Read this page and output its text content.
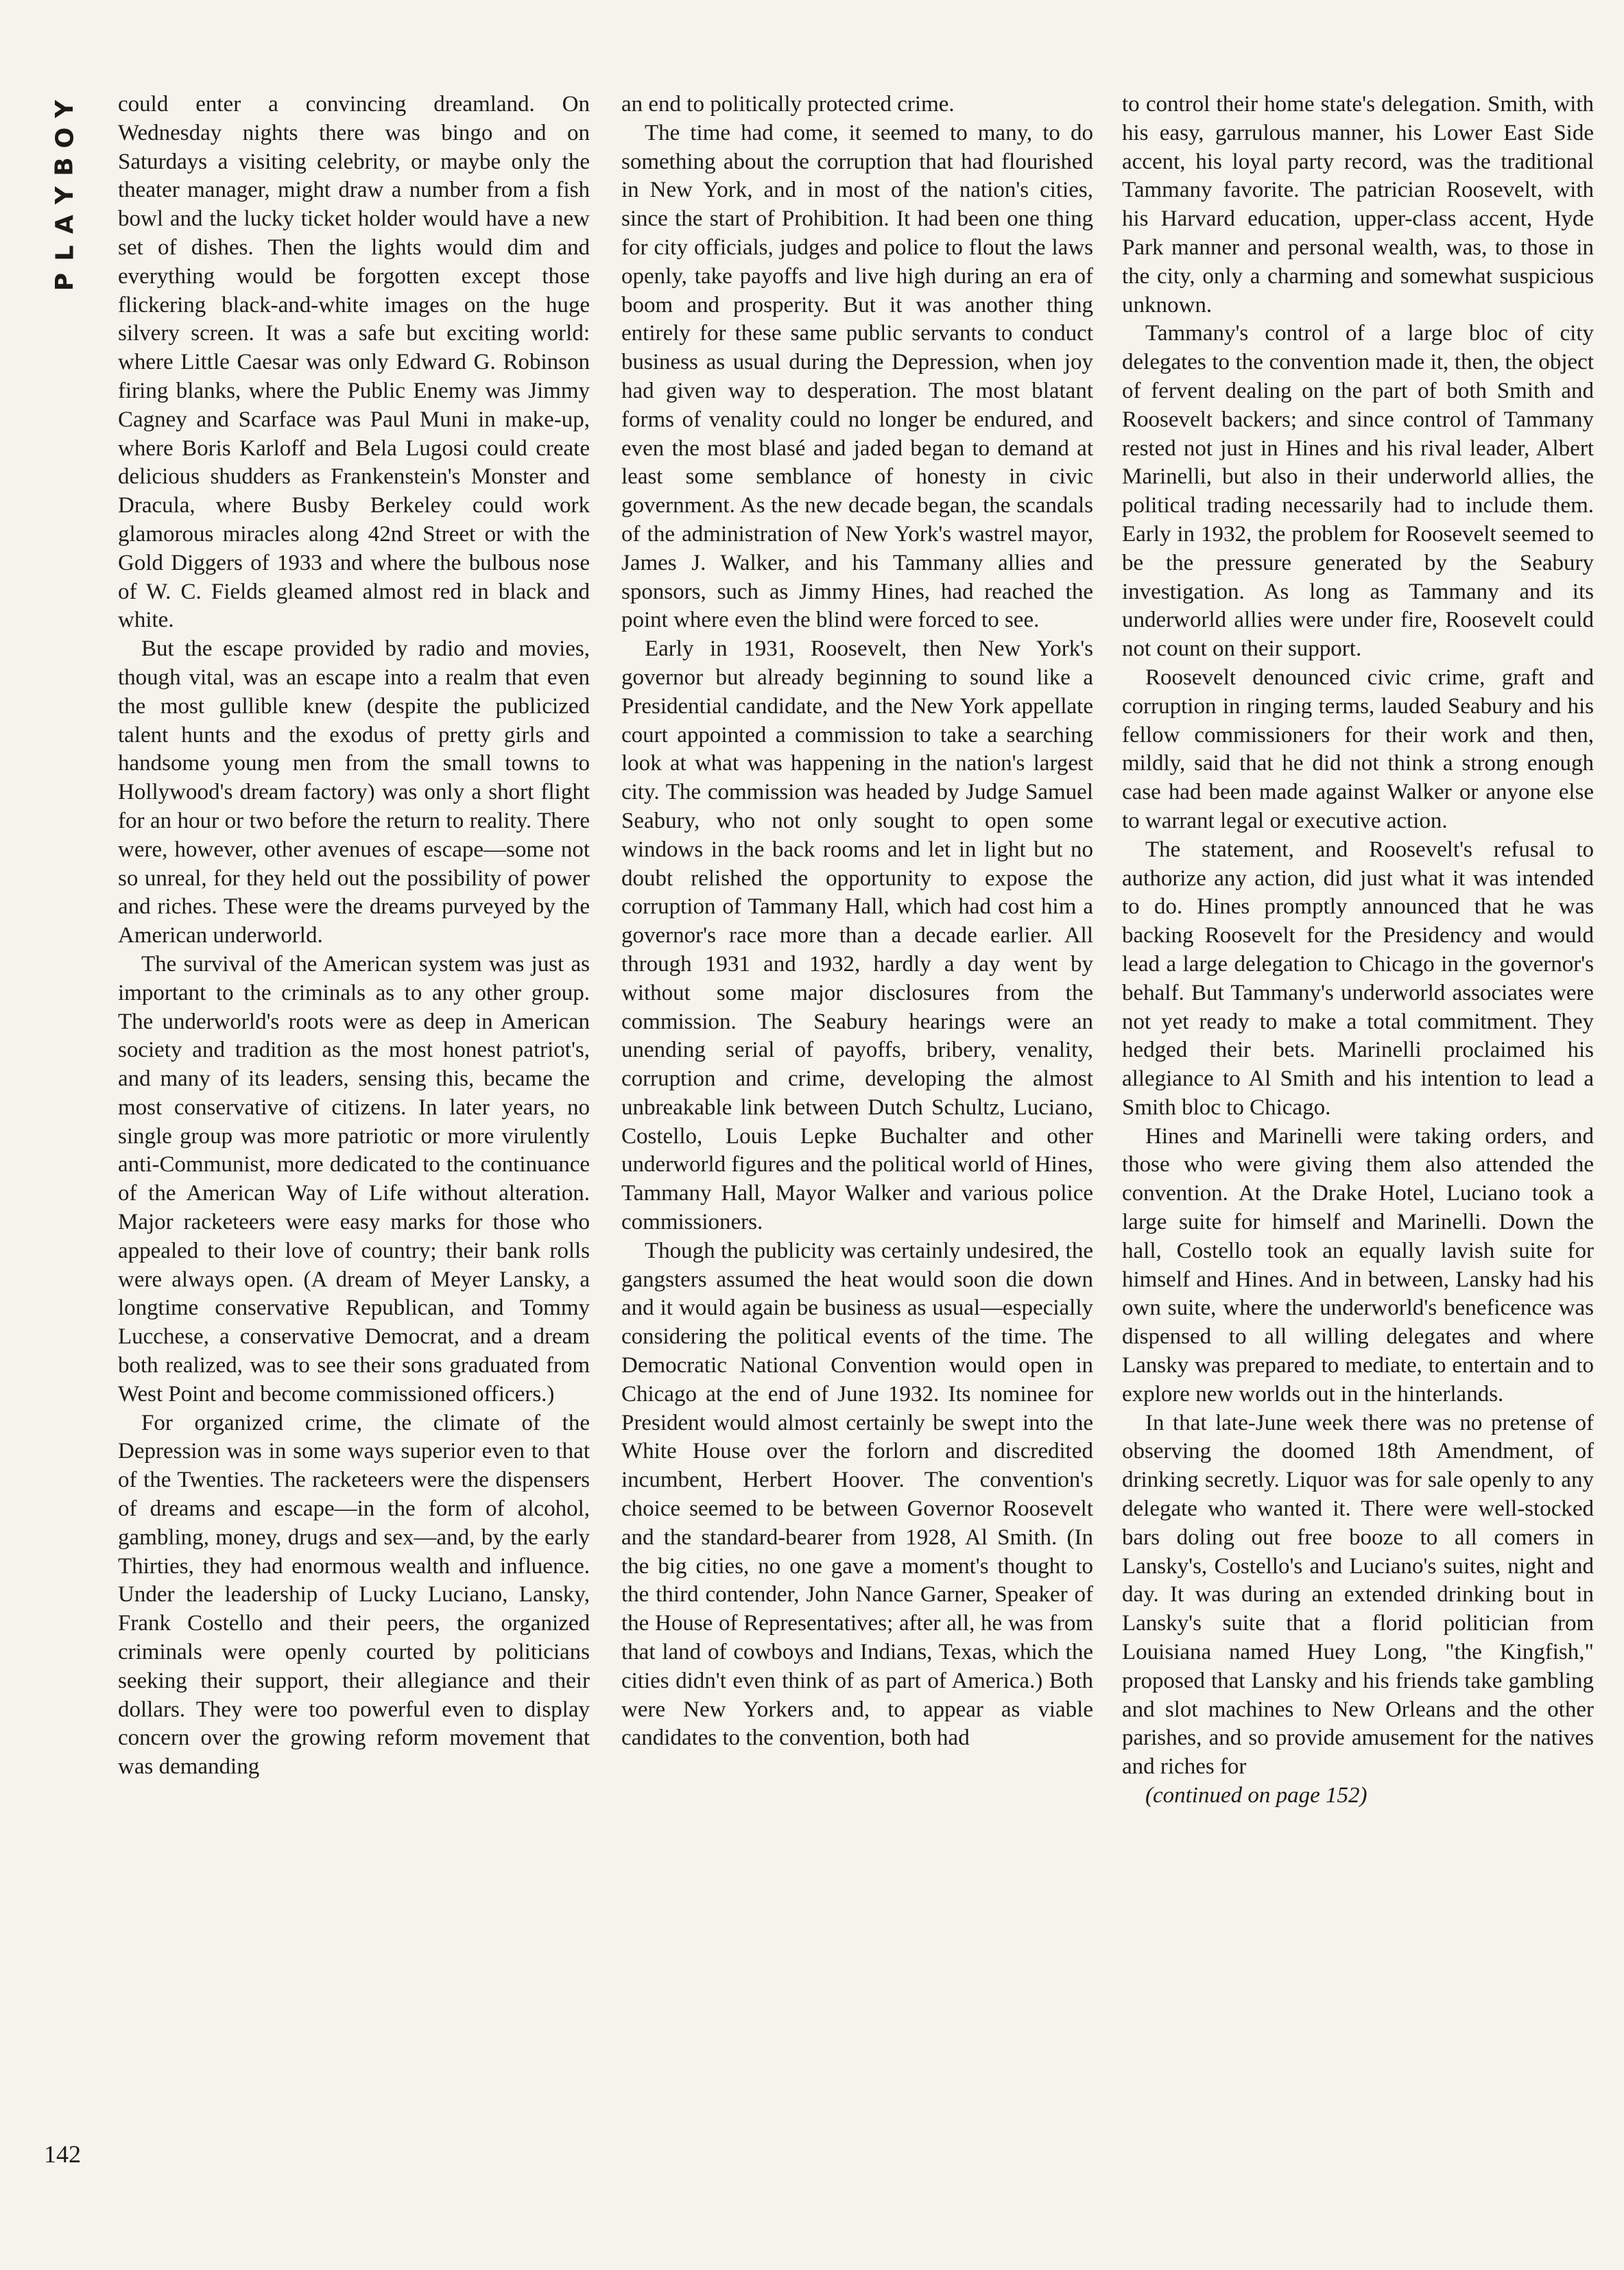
Y
O
B
Y
A
L
P
142

could enter a convincing dreamland. On Wednesday nights there was bingo and on Saturdays a visiting celebrity, or maybe only the theater manager, might draw a number from a fish bowl and the lucky ticket holder would have a new set of dishes. Then the lights would dim and everything would be forgotten except those flickering black-and-white images on the huge silvery screen. It was a safe but exciting world: where Little Caesar was only Edward G. Robinson firing blanks, where the Public Enemy was Jimmy Cagney and Scarface was Paul Muni in make-up, where Boris Karloff and Bela Lugosi could create delicious shudders as Frankenstein's Monster and Dracula, where Busby Berkeley could work glamorous miracles along 42nd Street or with the Gold Diggers of 1933 and where the bulbous nose of W. C. Fields gleamed almost red in black and white.

But the escape provided by radio and movies, though vital, was an escape into a realm that even the most gullible knew (despite the publicized talent hunts and the exodus of pretty girls and handsome young men from the small towns to Hollywood's dream factory) was only a short flight for an hour or two before the return to reality. There were, however, other avenues of escape—some not so unreal, for they held out the possibility of power and riches. These were the dreams purveyed by the American underworld.

The survival of the American system was just as important to the criminals as to any other group. The underworld's roots were as deep in American society and tradition as the most honest patriot's, and many of its leaders, sensing this, became the most conservative of citizens. In later years, no single group was more patriotic or more virulently anti-Communist, more dedicated to the continuance of the American Way of Life without alteration. Major racketeers were easy marks for those who appealed to their love of country; their bank rolls were always open. (A dream of Meyer Lansky, a longtime conservative Republican, and Tommy Lucchese, a conservative Democrat, and a dream both realized, was to see their sons graduated from West Point and become commissioned officers.)

For organized crime, the climate of the Depression was in some ways superior even to that of the Twenties. The racketeers were the dispensers of dreams and escape—in the form of alcohol, gambling, money, drugs and sex—and, by the early Thirties, they had enormous wealth and influence. Under the leadership of Lucky Luciano, Lansky, Frank Costello and their peers, the organized criminals were openly courted by politicians seeking their support, their allegiance and their dollars. They were too powerful even to display concern over the growing reform movement that was demanding

an end to politically protected crime.

The time had come, it seemed to many, to do something about the corruption that had flourished in New York, and in most of the nation's cities, since the start of Prohibition. It had been one thing for city officials, judges and police to flout the laws openly, take payoffs and live high during an era of boom and prosperity. But it was another thing entirely for these same public servants to conduct business as usual during the Depression, when joy had given way to desperation. The most blatant forms of venality could no longer be endured, and even the most blasé and jaded began to demand at least some semblance of honesty in civic government. As the new decade began, the scandals of the administration of New York's wastrel mayor, James J. Walker, and his Tammany allies and sponsors, such as Jimmy Hines, had reached the point where even the blind were forced to see.

Early in 1931, Roosevelt, then New York's governor but already beginning to sound like a Presidential candidate, and the New York appellate court appointed a commission to take a searching look at what was happening in the nation's largest city. The commission was headed by Judge Samuel Seabury, who not only sought to open some windows in the back rooms and let in light but no doubt relished the opportunity to expose the corruption of Tammany Hall, which had cost him a governor's race more than a decade earlier. All through 1931 and 1932, hardly a day went by without some major disclosures from the commission. The Seabury hearings were an unending serial of payoffs, bribery, venality, corruption and crime, developing the almost unbreakable link between Dutch Schultz, Luciano, Costello, Louis Lepke Buchalter and other underworld figures and the political world of Hines, Tammany Hall, Mayor Walker and various police commissioners.

Though the publicity was certainly undesired, the gangsters assumed the heat would soon die down and it would again be business as usual—especially considering the political events of the time. The Democratic National Convention would open in Chicago at the end of June 1932. Its nominee for President would almost certainly be swept into the White House over the forlorn and discredited incumbent, Herbert Hoover. The convention's choice seemed to be between Governor Roosevelt and the standard-bearer from 1928, Al Smith. (In the big cities, no one gave a moment's thought to the third contender, John Nance Garner, Speaker of the House of Representatives; after all, he was from that land of cowboys and Indians, Texas, which the cities didn't even think of as part of America.) Both were New Yorkers and, to appear as viable candidates to the convention, both had

to control their home state's delegation. Smith, with his easy, garrulous manner, his Lower East Side accent, his loyal party record, was the traditional Tammany favorite. The patrician Roosevelt, with his Harvard education, upper-class accent, Hyde Park manner and personal wealth, was, to those in the city, only a charming and somewhat suspicious unknown.

Tammany's control of a large bloc of city delegates to the convention made it, then, the object of fervent dealing on the part of both Smith and Roosevelt backers; and since control of Tammany rested not just in Hines and his rival leader, Albert Marinelli, but also in their underworld allies, the political trading necessarily had to include them. Early in 1932, the problem for Roosevelt seemed to be the pressure generated by the Seabury investigation. As long as Tammany and its underworld allies were under fire, Roosevelt could not count on their support.

Roosevelt denounced civic crime, graft and corruption in ringing terms, lauded Seabury and his fellow commissioners for their work and then, mildly, said that he did not think a strong enough case had been made against Walker or anyone else to warrant legal or executive action.

The statement, and Roosevelt's refusal to authorize any action, did just what it was intended to do. Hines promptly announced that he was backing Roosevelt for the Presidency and would lead a large delegation to Chicago in the governor's behalf. But Tammany's underworld associates were not yet ready to make a total commitment. They hedged their bets. Marinelli proclaimed his allegiance to Al Smith and his intention to lead a Smith bloc to Chicago.

Hines and Marinelli were taking orders, and those who were giving them also attended the convention. At the Drake Hotel, Luciano took a large suite for himself and Marinelli. Down the hall, Costello took an equally lavish suite for himself and Hines. And in between, Lansky had his own suite, where the underworld's beneficence was dispensed to all willing delegates and where Lansky was prepared to mediate, to entertain and to explore new worlds out in the hinterlands.

In that late-June week there was no pretense of observing the doomed 18th Amendment, of drinking secretly. Liquor was for sale openly to any delegate who wanted it. There were well-stocked bars doling out free booze to all comers in Lansky's, Costello's and Luciano's suites, night and day. It was during an extended drinking bout in Lansky's suite that a florid politician from Louisiana named Huey Long, "the Kingfish," proposed that Lansky and his friends take gambling and slot machines to New Orleans and the other parishes, and so provide amusement for the natives and riches for

(continued on page 152)
